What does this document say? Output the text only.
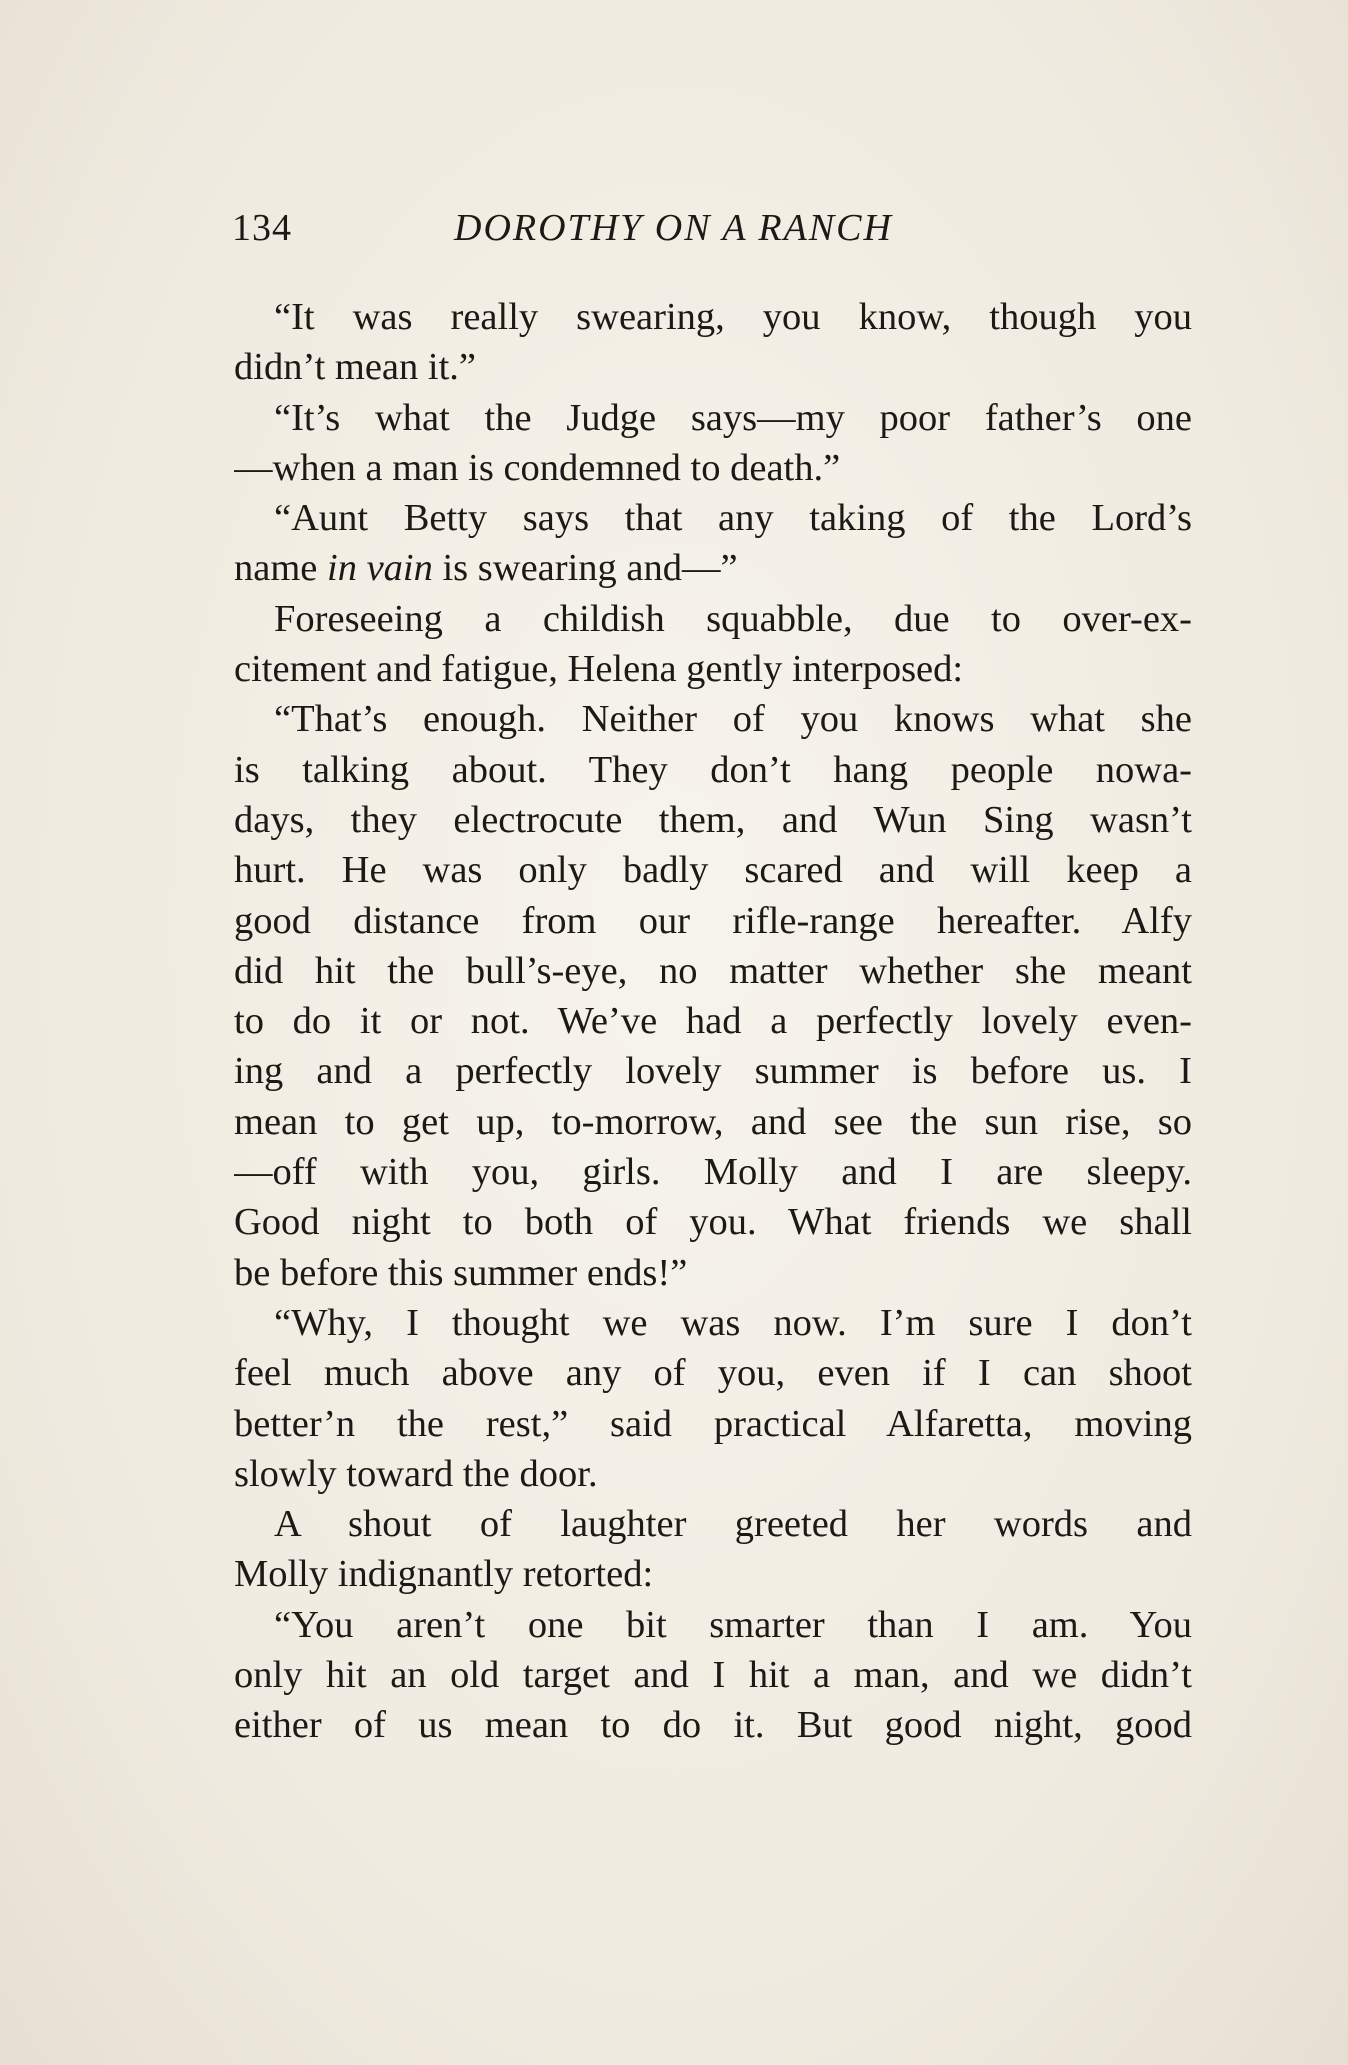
134	DOROTHY ON A RANCH
“It was really swearing, you know, though you
didn’t mean it.”
“It’s what the Judge says—my poor father’s one
—when a man is condemned to death.”
“Aunt Betty says that any taking of the Lord’s
name in vain is swearing and—”
Foreseeing a childish squabble, due to over-ex-
citement and fatigue, Helena gently interposed:
“That’s enough. Neither of you knows what she
is talking about. They don’t hang people nowa-
days, they electrocute them, and Wun Sing wasn’t
hurt. He was only badly scared and will keep a
good distance from our rifle-range hereafter. Alfy
did hit the bull’s-eye, no matter whether she meant
to do it or not. We’ve had a perfectly lovely even-
ing and a perfectly lovely summer is before us. I
mean to get up, to-morrow, and see the sun rise, so
—off with you, girls. Molly and I are sleepy.
Good night to both of you. What friends we shall
be before this summer ends!”
“Why, I thought we was now. I’m sure I don’t
feel much above any of you, even if I can shoot
better’n the rest,” said practical Alfaretta, moving
slowly toward the door.
A shout of laughter greeted her words and
Molly indignantly retorted:
“You aren’t one bit smarter than I am. You
only hit an old target and I hit a man, and we didn’t
either of us mean to do it. But good night, good
